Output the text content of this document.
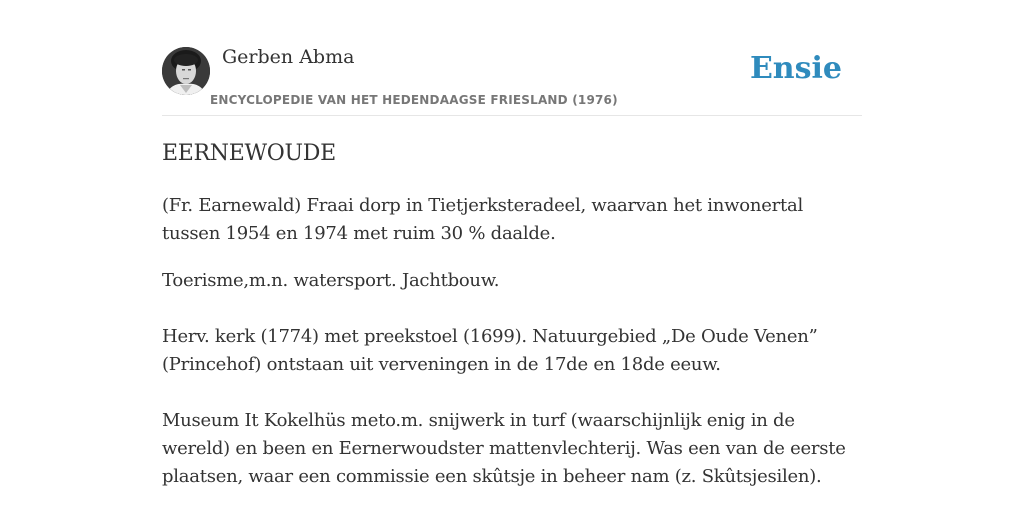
Gerben Abma
ENCYCLOPEDIE VAN HET HEDENDAAGSE FRIESLAND (1976)
Ensie
EERNEWOUDE

(Fr. Earnewald) Fraai dorp in Tietjerksteradeel, waarvan het inwonertal tussen 1954 en 1974 met ruim 30 % daalde.

Toerisme,m.n. watersport. Jachtbouw.

Herv. kerk (1774) met preekstoel (1699). Natuurgebied „De Oude Venen” (Princehof) ontstaan uit verveningen in de 17de en 18de eeuw.

Museum It Kokelhüs meto.m. snijwerk in turf (waarschijnlijk enig in de wereld) en been en Eernerwoudster mattenvlechterij. Was een van de eerste plaatsen, waar een commissie een skûtsje in beheer nam (z. Skûtsjesilen).
